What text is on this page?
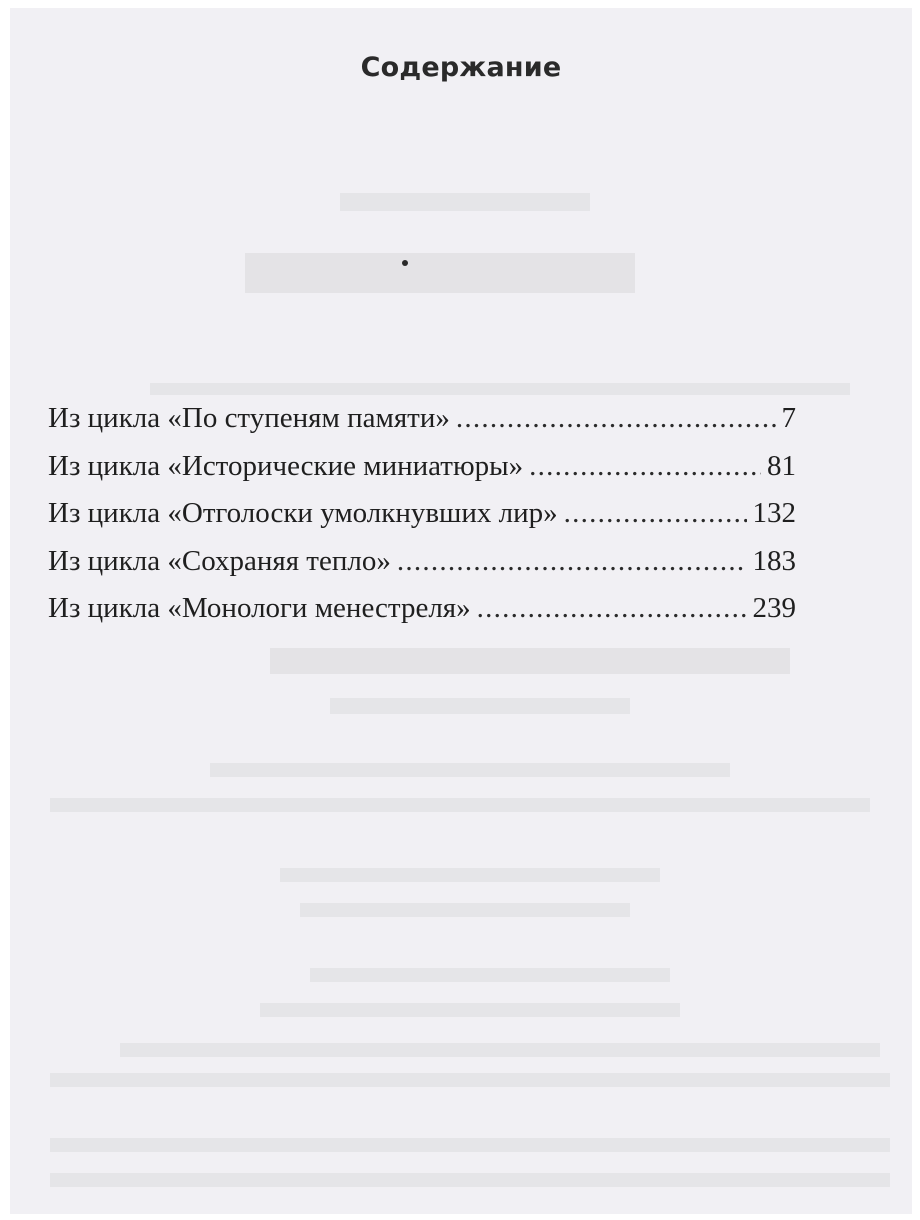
Содержание
Из цикла «По ступеням памяти» . . .	7
Из цикла «Исторические миниатюры» . . .	81
Из цикла «Отголоски умолкнувших лир» . . .	132
Из цикла «Сохраняя тепло» . . .	183
Из цикла «Монологи менестреля» . . .	239
